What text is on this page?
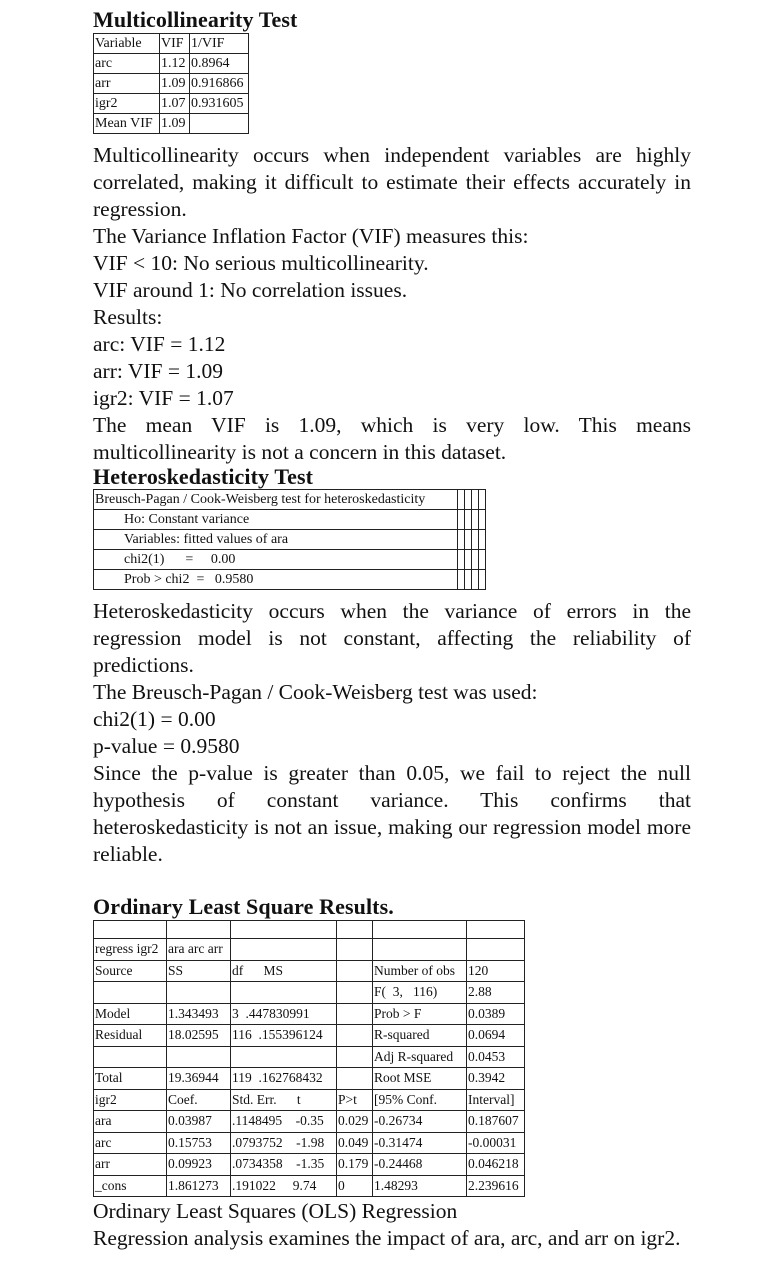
Multicollinearity Test
Variable	VIF	1/VIF
arc	1.12	0.8964
arr	1.09	0.916866
igr2	1.07	0.931605
Mean VIF	1.09	
Multicollinearity occurs when independent variables are highly correlated, making it difficult to estimate their effects accurately in regression.
The Variance Inflation Factor (VIF) measures this:
VIF < 10: No serious multicollinearity.
VIF around 1: No correlation issues.
Results:
arc: VIF = 1.12
arr: VIF = 1.09
igr2: VIF = 1.07
The mean VIF is 1.09, which is very low. This means multicollinearity is not a concern in this dataset.
Heteroskedasticity Test
Breusch-Pagan / Cook-Weisberg test for heteroskedasticity				
Ho: Constant variance				
Variables: fitted values of ara				
chi2(1)      =     0.00				
Prob > chi2  =   0.9580				
Heteroskedasticity occurs when the variance of errors in the regression model is not constant, affecting the reliability of predictions.
The Breusch-Pagan / Cook-Weisberg test was used:
chi2(1) = 0.00
p-value = 0.9580
Since the p-value is greater than 0.05, we fail to reject the null hypothesis of constant variance. This confirms that heteroskedasticity is not an issue, making our regression model more reliable.
Ordinary Least Square Results.

regress igr2	ara arc arr				
Source	SS	df      MS		Number of obs	120
				F(  3,   116)	2.88
Model	1.343493	3  .447830991		Prob > F	0.0389
Residual	18.02595	116  .155396124		R-squared	0.0694
				Adj R-squared	0.0453
Total	19.36944	119  .162768432		Root MSE	0.3942
igr2	Coef.	Std. Err.      t	P>t	[95% Conf.	Interval]
ara	0.03987	.1148495    -0.35	0.029	-0.26734	0.187607
arc	0.15753	.0793752    -1.98	0.049	-0.31474	-0.00031
arr	0.09923	.0734358    -1.35	0.179	-0.24468	0.046218
_cons	1.861273	.191022     9.74	0	1.48293	2.239616
Ordinary Least Squares (OLS) Regression
Regression analysis examines the impact of ara, arc, and arr on igr2.
